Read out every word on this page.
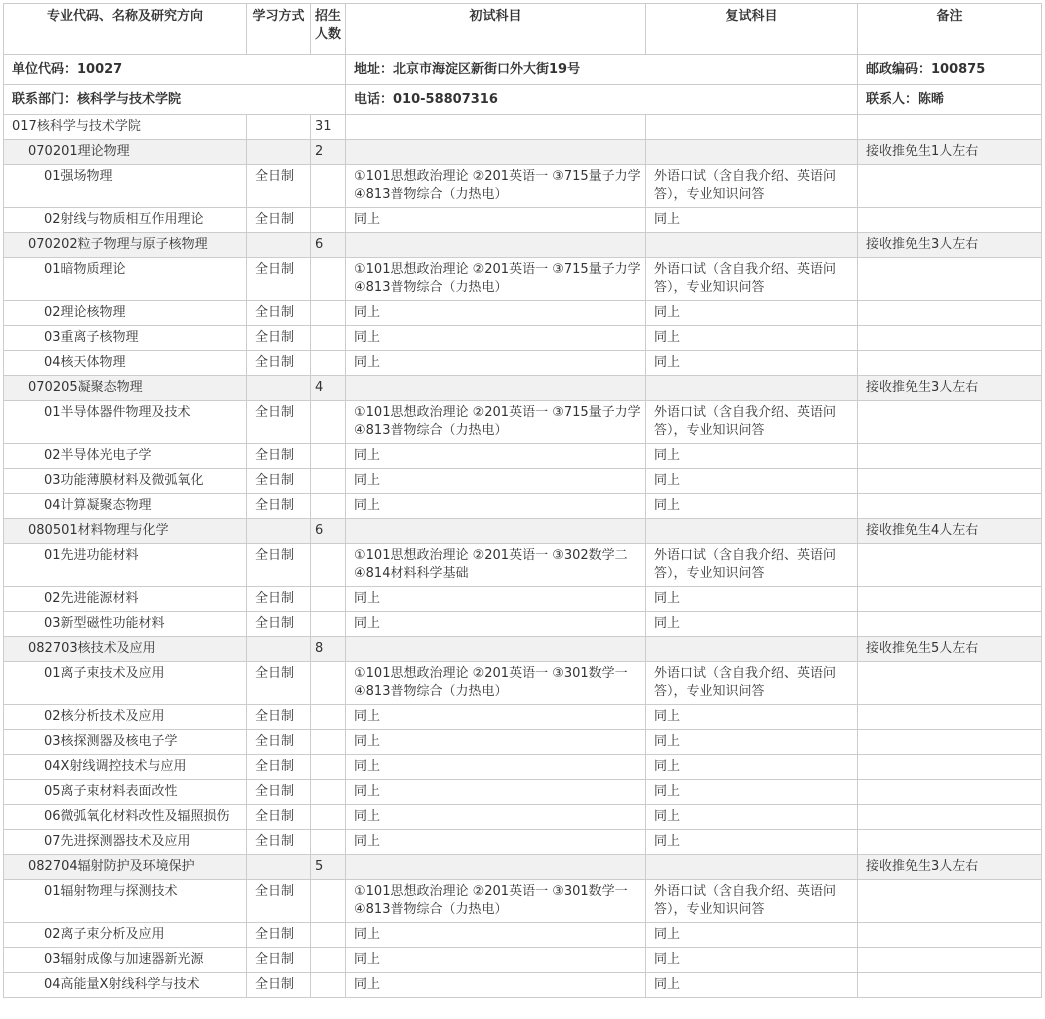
单位代码：10027			地址：北京市海淀区新街口外大街19号		邮政编码：100875
联系部门：核科学与技术学院			电话：010-58807316		联系人：陈晞
专业代码、名称及研究方向	学习方式	招生人数	初试科目	复试科目	备注
017核科学与技术学院		31			
070201理论物理		2			接收推免生1人左右
01强场物理	全日制		①101思想政治理论 ②201英语一 ③715量子力学 ④813普物综合（力热电）	外语口试（含自我介绍、英语问答），专业知识问答	
02射线与物质相互作用理论	全日制		同上	同上	
070202粒子物理与原子核物理		6			接收推免生3人左右
01暗物质理论	全日制		①101思想政治理论 ②201英语一 ③715量子力学 ④813普物综合（力热电）	外语口试（含自我介绍、英语问答），专业知识问答	
02理论核物理	全日制		同上	同上	
03重离子核物理	全日制		同上	同上	
04核天体物理	全日制		同上	同上	
070205凝聚态物理		4			接收推免生3人左右
01半导体器件物理及技术	全日制		①101思想政治理论 ②201英语一 ③715量子力学 ④813普物综合（力热电）	外语口试（含自我介绍、英语问答），专业知识问答	
02半导体光电子学	全日制		同上	同上	
03功能薄膜材料及微弧氧化	全日制		同上	同上	
04计算凝聚态物理	全日制		同上	同上	
080501材料物理与化学		6			接收推免生4人左右
01先进功能材料	全日制		①101思想政治理论 ②201英语一 ③302数学二 ④814材料科学基础	外语口试（含自我介绍、英语问答），专业知识问答	
02先进能源材料	全日制		同上	同上	
03新型磁性功能材料	全日制		同上	同上	
082703核技术及应用		8			接收推免生5人左右
01离子束技术及应用	全日制		①101思想政治理论 ②201英语一 ③301数学一 ④813普物综合（力热电）	外语口试（含自我介绍、英语问答），专业知识问答	
02核分析技术及应用	全日制		同上	同上	
03核探测器及核电子学	全日制		同上	同上	
04X射线调控技术与应用	全日制		同上	同上	
05离子束材料表面改性	全日制		同上	同上	
06微弧氧化材料改性及辐照损伤	全日制		同上	同上	
07先进探测器技术及应用	全日制		同上	同上	
082704辐射防护及环境保护		5			接收推免生3人左右
01辐射物理与探测技术	全日制		①101思想政治理论 ②201英语一 ③301数学一 ④813普物综合（力热电）	外语口试（含自我介绍、英语问答），专业知识问答	
02离子束分析及应用	全日制		同上	同上	
03辐射成像与加速器新光源	全日制		同上	同上	
04高能量X射线科学与技术	全日制		同上	同上	
